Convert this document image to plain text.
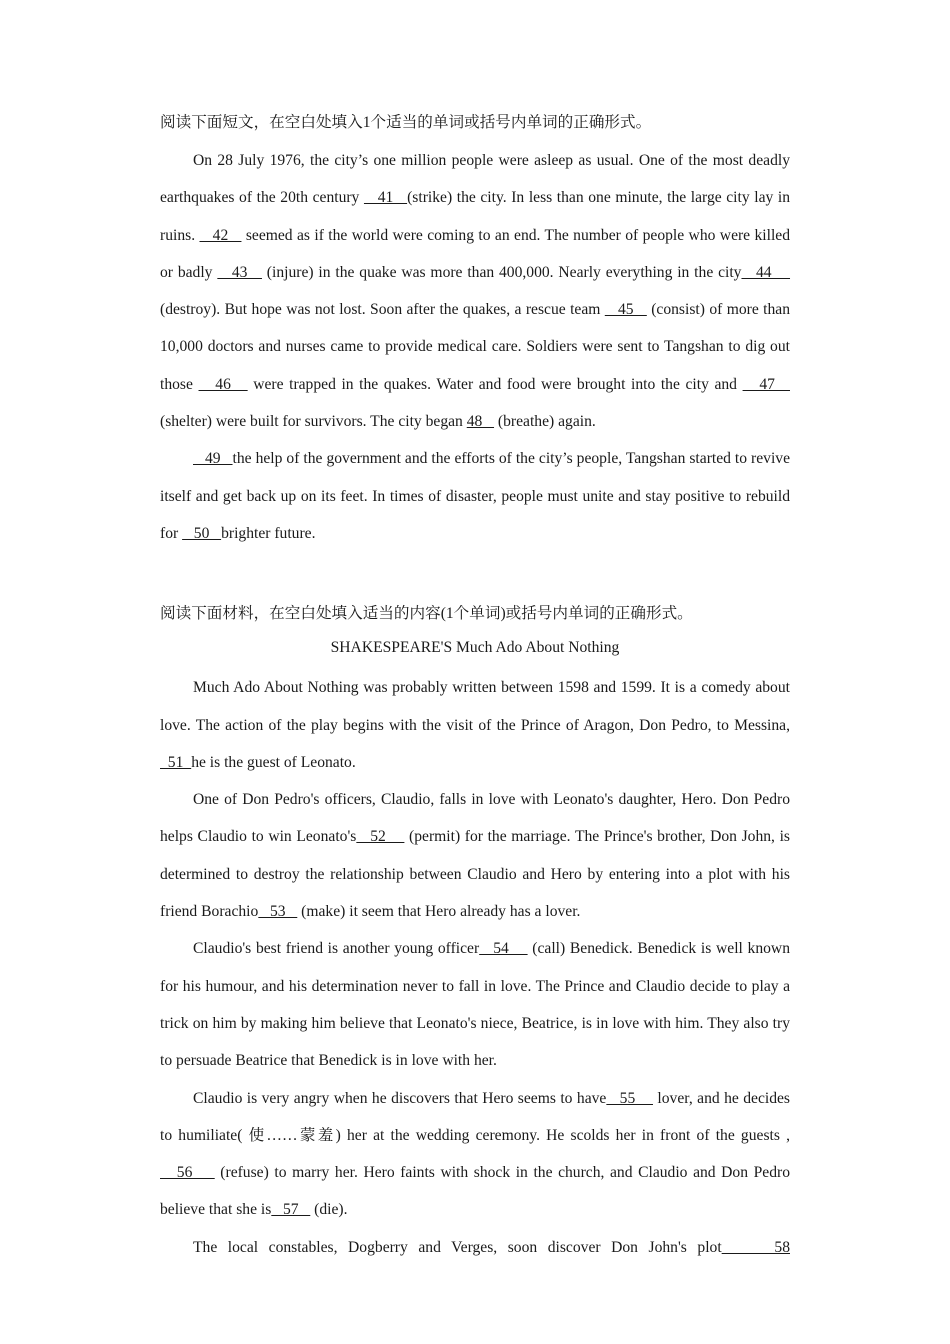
阅读下面短文，在空白处填入1个适当的单词或括号内单词的正确形式。

On 28 July 1976, the city’s one million people were asleep as usual. One of the most deadly earthquakes of the 20th century    41   (strike) the city. In less than one minute, the large city lay in ruins.    42    seemed as if the world were coming to an end. The number of people who were killed or badly    43    (injure) in the quake was more than 400,000. Nearly everything in the city   44     (destroy). But hope was not lost. Soon after the quakes, a rescue team    45    (consist) of more than 10,000 doctors and nurses came to provide medical care. Soldiers were sent to Tangshan to dig out those    46    were trapped in the quakes. Water and food were brought into the city and    47    (shelter) were built for survivors. The city began 48    (breathe) again.

49   the help of the government and the efforts of the city’s people, Tangshan started to revive itself and get back up on its feet. In times of disaster, people must unite and stay positive to rebuild for    50   brighter future.

阅读下面材料，在空白处填入适当的内容(1个单词)或括号内单词的正确形式。

SHAKESPEARE'S Much Ado About Nothing

Much Ado About Nothing was probably written between 1598 and 1599. It is a comedy about love. The action of the play begins with the visit of the Prince of Aragon, Don Pedro, to Messina,   51  he is the guest of Leonato.

One of Don Pedro's officers, Claudio, falls in love with Leonato's daughter, Hero. Don Pedro helps Claudio to win Leonato's   52     (permit) for the marriage. The Prince's brother, Don John, is determined to destroy the relationship between Claudio and Hero by entering into a plot with his friend Borachio   53    (make) it seem that Hero already has a lover.

Claudio's best friend is another young officer   54     (call) Benedick. Benedick is well known for his humour, and his determination never to fall in love. The Prince and Claudio decide to play a trick on him by making him believe that Leonato's niece, Beatrice, is in love with him. They also try to persuade Beatrice that Benedick is in love with her.

Claudio is very angry when he discovers that Hero seems to have   55     lover, and he decides to humiliate( 使……蒙羞) her at the wedding ceremony. He scolds her in front of the guests ,    56     (refuse) to marry her. Hero faints with shock in the church, and Claudio and Don Pedro believe that she is   57    (die).

The local constables, Dogberry and Verges, soon discover Don John's plot     58
